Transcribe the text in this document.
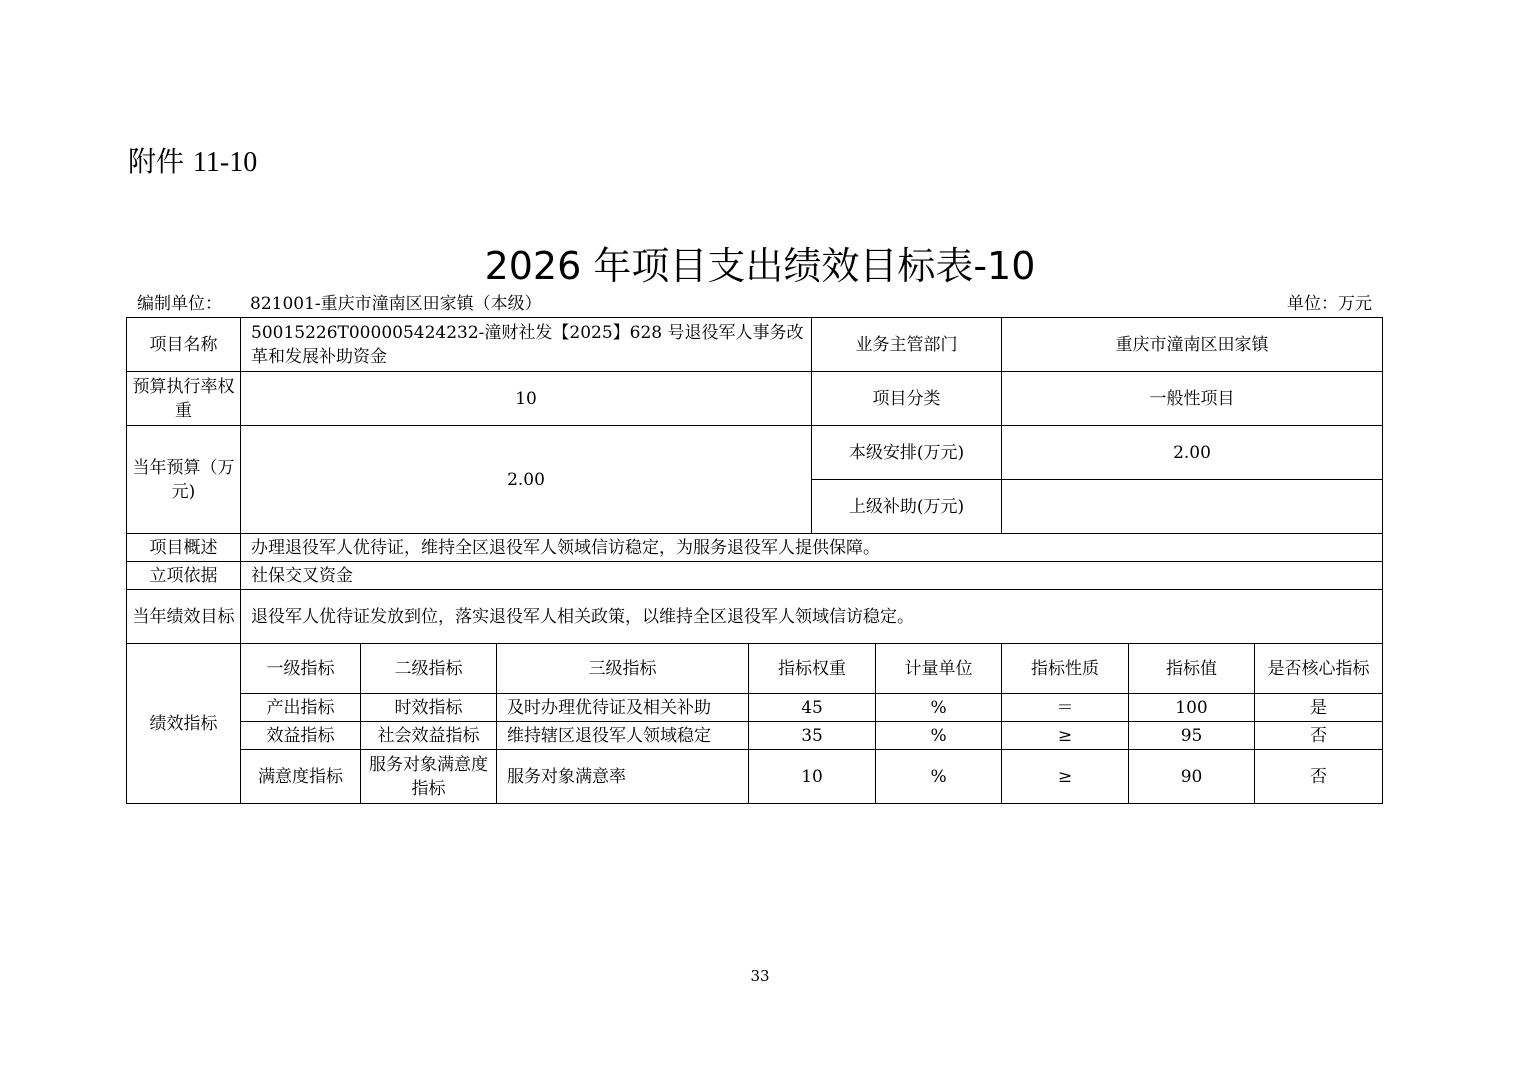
附件 11-10
2026 年项目支出绩效目标表-10
编制单位： 821001-重庆市潼南区田家镇（本级）	单位：万元
项目名称	50015226T000005424232-潼财社发【2025】628 号退役军人事务改革和发展补助资金				业务主管部门		重庆市潼南区田家镇		
预算执行率权重	10				项目分类		一般性项目		
当年预算（万元)	2.00				本级安排(万元)		2.00		
					上级补助(万元)				
项目概述	办理退役军人优待证，维持全区退役军人领域信访稳定，为服务退役军人提供保障。								
立项依据	社保交叉资金								
当年绩效目标	退役军人优待证发放到位，落实退役军人相关政策，以维持全区退役军人领域信访稳定。								
绩效指标	一级指标	二级指标	三级指标	指标权重		计量单位	指标性质	指标值	是否核心指标
	产出指标	时效指标	及时办理优待证及相关补助	45		%	＝	100	是
	效益指标	社会效益指标	维持辖区退役军人领域稳定	35		%	≥	95	否
	满意度指标	服务对象满意度指标	服务对象满意率	10		%	≥	90	否
33
